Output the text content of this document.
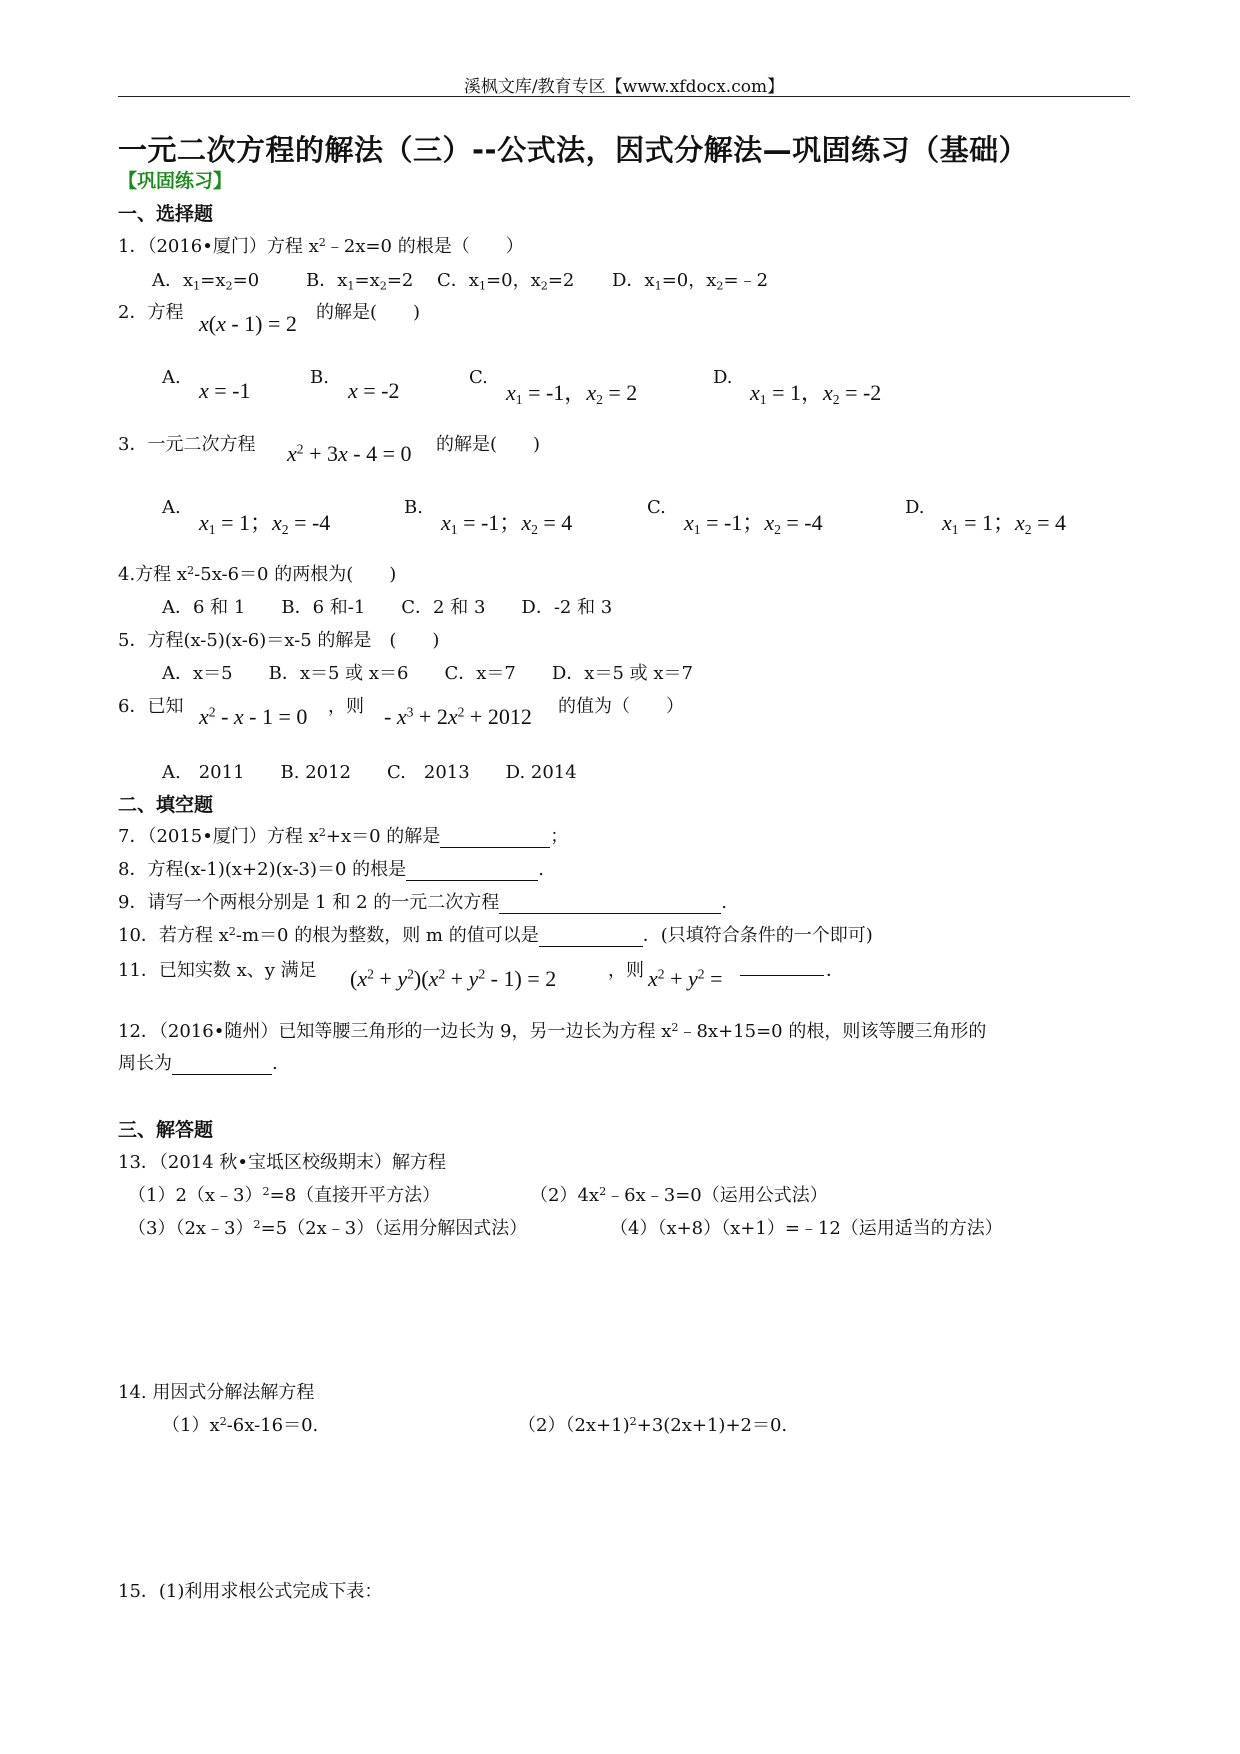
溪枫文库/教育专区【www.xfdocx.com】
一元二次方程的解法（三）--公式法，因式分解法—巩固练习（基础）
【巩固练习】
一、选择题
1．（2016•厦门）方程 $x^2﹣2x=0$ 的根是（　　）
A．$x_1=x_2=0$	B．$x_1=x_2=2$ C．$x_1=0$，$x_2=2$ D．$x_1=0$，$x_2=﹣2$
2．方程 x(x - 1) = 2 的解是(　　)
A.
x = -1
B.
x = -2
C.
$x_1 = -1$，$x_2 = 2$
D.
$x_1 = 1$，$x_2 = -2$
3．一元二次方程 $x^2 + 3x - 4 = 0$ 的解是(　　)
A.
$x_1 = 1$；$x_2 = -4$
B.
$x_1 = -1$；$x_2 = 4$
C.
$x_1 = -1$；$x_2 = -4$
D.
$x_1 = 1$；$x_2 = 4$
4.方程 $x^2-5x-6=0$ 的两根为(　　)
A．6 和 1　　B．6 和-1　　C．2 和 3　　D．-2 和 3
5．方程(x-5)(x-6)＝x-5 的解是　(　　)
A．x＝5　　B．x＝5 或 x＝6　　C．x＝7　　D．x＝5 或 x＝7
6．已知 $x^2 - x - 1 = 0$ ，则 - $x^3 + 2x^2 + 2012$ 的值为（　　）
A.　2011　　B. 2012　　C.　2013　　D. 2014
二、填空题
7．（2015•厦门）方程 $x^2+x=0$ 的解是	；
8．方程(x-1)(x+2)(x-3)＝0 的根是	.
9．请写一个两根分别是 1 和 2 的一元二次方程	.
10．若方程 $x^2-m=0$ 的根为整数，则 m 的值可以是	．(只填符合条件的一个即可)
11．已知实数 x、y 满足 $(x^2 + y^2)(x^2 + y^2 - 1) = 2$	，则 $x^2 + y^2$ =	．
12．（2016•随州）已知等腰三角形的一边长为 9，另一边长为方程 $x^2﹣8x+15=0$ 的根，则该等腰三角形的
周长为	.
三、解答题
13．（2014 秋•宝坻区校级期末）解方程
（1）2（x﹣3）$^2$=8（直接开平方法）	$(2)4x^2﹣6x﹣3=0$（运用公式法）
（3）（2x﹣3）$^2$=5（2x﹣3）（运用分解因式法）	（4）（x+8）（x+1）=﹣12（运用适当的方法）
14. 用因式分解法解方程
$(1)x^2-6x-16=0$.	（2）（2x+1)$^2$+3(2x+1)+2＝0.
15．(1)利用求根公式完成下表：
